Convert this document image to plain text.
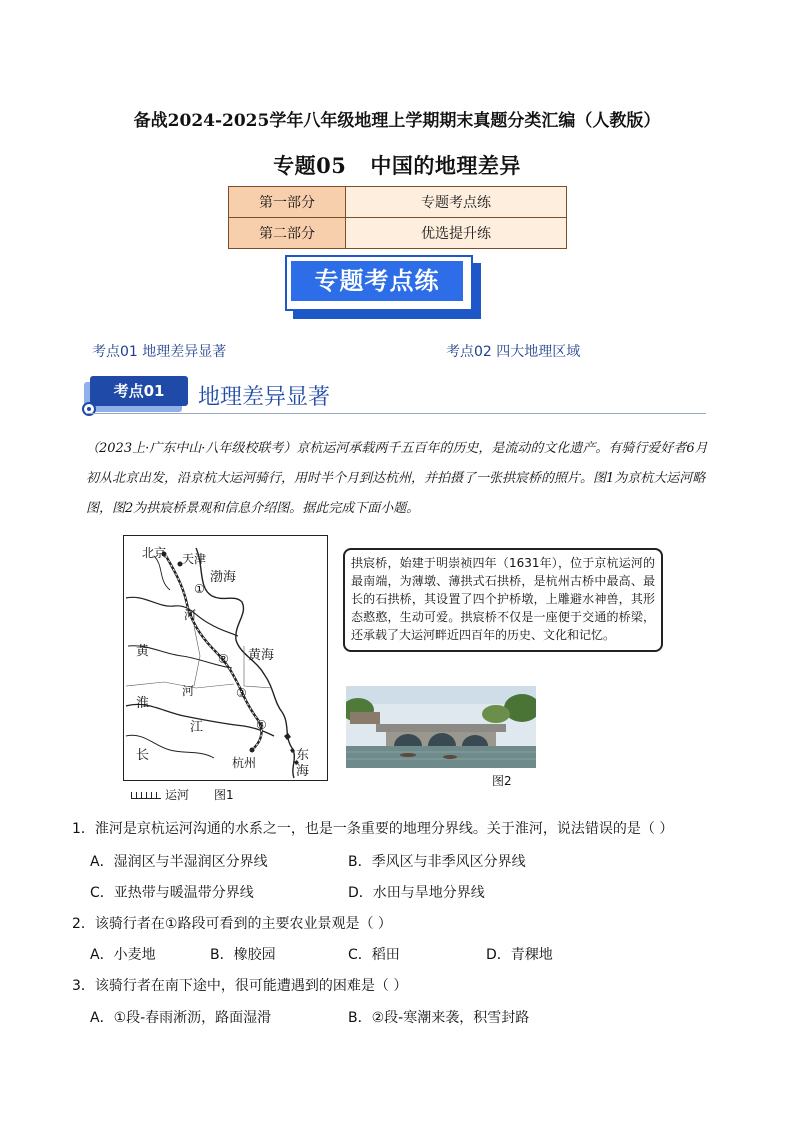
备战2024-2025学年八年级地理上学期期末真题分类汇编（人教版）
专题05 中国的地理差异
第一部分	专题考点练
第二部分	优选提升练
专题考点练
考点01 地理差异显著	考点02 四大地理区域
考点01	地理差异显著
（2023上·广东中山·八年级校联考）京杭运河承载两千五百年的历史，是流动的文化遗产。有骑行爱好者6月初从北京出发，沿京杭大运河骑行，用时半个月到达杭州，并拍摄了一张拱宸桥的照片。图1为京杭大运河略图，图2为拱宸桥景观和信息介绍图。据此完成下面小题。
北京 天津
渤海
①
河
黄	黄海
②
河	③
淮
江	④
长	杭州	东
海
运河 图1
拱宸桥，始建于明崇祯四年（1631年），位于京杭运河的最南端，为薄墩、薄拱式石拱桥，是杭州古桥中最高、最长的石拱桥，其设置了四个护桥墩，上雕避水神兽，其形态憨憨，生动可爱。拱宸桥不仅是一座便于交通的桥梁，还承载了大运河畔近四百年的历史、文化和记忆。
图2
1．淮河是京杭运河沟通的水系之一，也是一条重要的地理分界线。关于淮河，说法错误的是（ ）
A．湿润区与半湿润区分界线	B．季风区与非季风区分界线
C．亚热带与暖温带分界线	D．水田与旱地分界线
2．该骑行者在①路段可看到的主要农业景观是（ ）
A．小麦地	B．橡胶园	C．稻田	D．青稞地
3．该骑行者在南下途中，很可能遭遇到的困难是（ ）
A．①段-春雨淅沥，路面湿滑	B．②段-寒潮来袭，积雪封路
